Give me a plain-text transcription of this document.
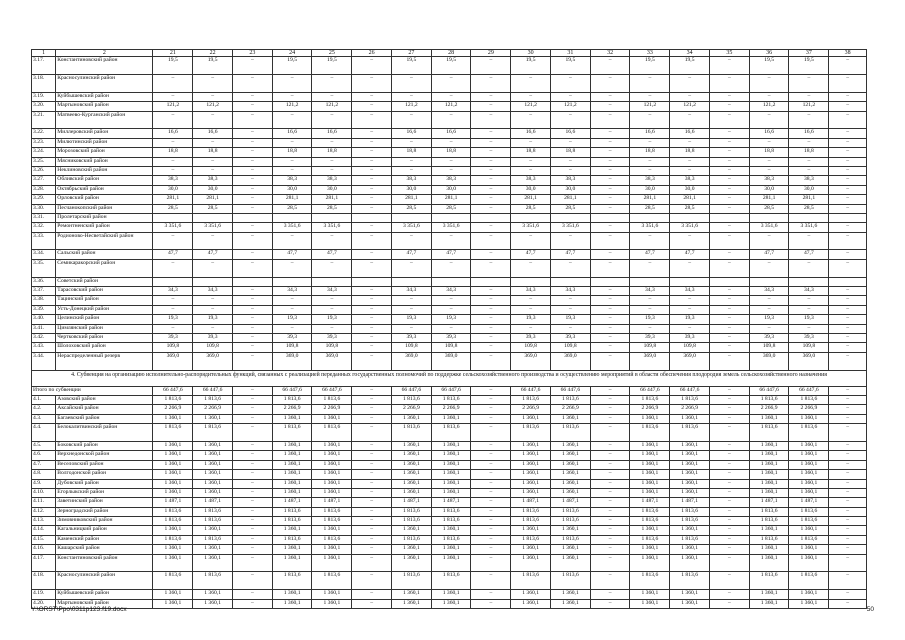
1	2	21	22	23	24	25	26	27	28	29	30	31	32	33	34	35	36	37	38
3.17.	Константиновский район	19,5	19,5	–	19,5	19,5	–	19,5	19,5	–	19,5	19,5	–	19,5	19,5	–	19,5	19,5	–
3.18.	Красносулинский район	–	–	–	–	–	–	–	–	–	–	–	–	–	–	–	–	–	–
3.19.	Куйбышевский район	–	–	–	–	–	–	–	–	–	–	–	–	–	–	–	–	–	–
3.20.	Мартыновский район	121,2	121,2	–	121,2	121,2	–	121,2	121,2	–	121,2	121,2	–	121,2	121,2	–	121,2	121,2	–
3.21.	Матвеево-Курганский район	–	–	–	–	–	–	–	–	–	–	–	–	–	–	–	–	–	–
3.22.	Миллеровский район	16,6	16,6	–	16,6	16,6	–	16,6	16,6	–	16,6	16,6	–	16,6	16,6	–	16,6	16,6	–
3.23.	Милютинский район	–	–	–	–	–	–	–	–	–	–	–	–	–	–	–	–	–	–
3.24.	Морозовский район	18,8	18,8	–	18,8	18,8	–	18,8	18,8	–	18,8	18,8	–	18,8	18,8	–	18,8	18,8	–
3.25.	Мясниковский район	–	–	–	–	–	–	–	–	–	–	–	–	–	–	–	–	–	–
3.26.	Неклиновский район	–	–	–	–	–	–	–	–	–	–	–	–	–	–	–	–	–	–
3.27.	Обливский район	38,3	38,3	–	38,3	38,3	–	38,3	38,3	–	38,3	38,3	–	38,3	38,3	–	38,3	38,3	–
3.28.	Октябрьский район	30,0	30,0	–	30,0	30,0	–	30,0	30,0	–	30,0	30,0	–	30,0	30,0	–	30,0	30,0	–
3.29.	Орловский район	281,1	281,1	–	281,1	281,1	–	281,1	281,1	–	281,1	281,1	–	281,1	281,1	–	281,1	281,1	–
3.30.	Песчанокопский район	28,5	28,5	–	28,5	28,5	–	28,5	28,5	–	28,5	28,5	–	28,5	28,5	–	28,5	28,5	–
3.31.	Пролетарский район																		
3.32.	Ремонтненский район	3 351,6	3 351,6	–	3 351,6	3 351,6	–	3 351,6	3 351,6	–	3 351,6	3 351,6	–	3 351,6	3 351,6	–	3 351,6	3 351,6	–
3.33.	Родионово-Несветайский район	–	–	–	–	–	–	–	–	–	–	–	–	–	–	–	–	–	–
3.34.	Сальский район	47,7	47,7	–	47,7	47,7	–	47,7	47,7	–	47,7	47,7	–	47,7	47,7	–	47,7	47,7	–
3.35.	Семикаракорский район	–	–	–	–	–	–	–	–	–	–	–	–	–	–	–	–	–	–
3.36.	Советский район																		
3.37.	Тарасовский район	34,3	34,3	–	34,3	34,3	–	34,3	34,3	–	34,3	34,3	–	34,3	34,3	–	34,3	34,3	–
3.38.	Тацинский район	–	–	–	–	–	–	–	–	–	–	–	–	–	–	–	–	–	–
3.39.	Усть-Донецкий район	–	–	–	–	–	–	–	–	–	–	–	–	–	–	–	–	–	–
3.40.	Целинский район	19,3	19,3	–	19,3	19,3	–	19,3	19,3	–	19,3	19,3	–	19,3	19,3	–	19,3	19,3	–
3.41.	Цимлянский район	–	–	–	–	–	–	–	–	–	–	–	–	–	–	–	–	–	–
3.42.	Чертковский район	39,3	39,3	–	39,3	39,3	–	39,3	39,3	–	39,3	39,3	–	39,3	39,3	–	39,3	39,3	–
3.43.	Шолоховский район	109,8	109,8	–	109,8	109,8	–	109,8	109,8	–	109,8	109,8	–	109,8	109,8	–	109,8	109,8	–
3.44.	Нераспределенный резерв	369,0	369,0	–	369,0	369,0	–	369,0	369,0	–	369,0	369,0	–	369,0	369,0	–	369,0	369,0	–
4. Субвенция на организацию исполнительно-распорядительных функций, связанных с реализацией переданных государственных полномочий по поддержке сельскохозяйственного производства и осуществлению мероприятий в области обеспечения плодородия земель сельскохозяйственного назначения																			
Итого по субвенции		66 447,6	66 447,6	–	66 447,6	66 447,6	–	66 447,6	66 447,6	–	66 447,6	66 447,6	–	66 447,6	66 447,6	–	66 447,6	66 447,6	–
4.1.	Азовский район	1 813,6	1 813,6	–	1 813,6	1 813,6	–	1 813,6	1 813,6	–	1 813,6	1 813,6	–	1 813,6	1 813,6	–	1 813,6	1 813,6	–
4.2.	Аксайский район	2 266,9	2 266,9	–	2 266,9	2 266,9	–	2 266,9	2 266,9	–	2 266,9	2 266,9	–	2 266,9	2 266,9	–	2 266,9	2 266,9	–
4.3.	Багаевский район	1 360,1	1 360,1	–	1 360,1	1 360,1	–	1 360,1	1 360,1	–	1 360,1	1 360,1	–	1 360,1	1 360,1	–	1 360,1	1 360,1	–
4.4.	Белокалитвинский район	1 813,6	1 813,6	–	1 813,6	1 813,6	–	1 813,6	1 813,6	–	1 813,6	1 813,6	–	1 813,6	1 813,6	–	1 813,6	1 813,6	–
4.5.	Боковский район	1 360,1	1 360,1	–	1 360,1	1 360,1	–	1 360,1	1 360,1	–	1 360,1	1 360,1	–	1 360,1	1 360,1	–	1 360,1	1 360,1	–
4.6.	Верхнедонской район	1 360,1	1 360,1	–	1 360,1	1 360,1	–	1 360,1	1 360,1	–	1 360,1	1 360,1	–	1 360,1	1 360,1	–	1 360,1	1 360,1	–
4.7.	Веселовский район	1 360,1	1 360,1	–	1 360,1	1 360,1	–	1 360,1	1 360,1	–	1 360,1	1 360,1	–	1 360,1	1 360,1	–	1 360,1	1 360,1	–
4.8.	Волгодонской район	1 360,1	1 360,1	–	1 360,1	1 360,1	–	1 360,1	1 360,1	–	1 360,1	1 360,1	–	1 360,1	1 360,1	–	1 360,1	1 360,1	–
4.9.	Дубовский район	1 360,1	1 360,1	–	1 360,1	1 360,1	–	1 360,1	1 360,1	–	1 360,1	1 360,1	–	1 360,1	1 360,1	–	1 360,1	1 360,1	–
4.10.	Егорлыкский район	1 360,1	1 360,1	–	1 360,1	1 360,1	–	1 360,1	1 360,1	–	1 360,1	1 360,1	–	1 360,1	1 360,1	–	1 360,1	1 360,1	–
4.11.	Заветинский район	1 487,1	1 487,1	–	1 487,1	1 487,1	–	1 487,1	1 487,1	–	1 487,1	1 487,1	–	1 487,1	1 487,1	–	1 487,1	1 487,1	–
4.12.	Зерноградский район	1 813,6	1 813,6	–	1 813,6	1 813,6	–	1 813,6	1 813,6	–	1 813,6	1 813,6	–	1 813,6	1 813,6	–	1 813,6	1 813,6	–
4.13.	Зимовниковский район	1 813,6	1 813,6	–	1 813,6	1 813,6	–	1 813,6	1 813,6	–	1 813,6	1 813,6	–	1 813,6	1 813,6	–	1 813,6	1 813,6	–
4.14.	Кагальницкий район	1 360,1	1 360,1	–	1 360,1	1 360,1	–	1 360,1	1 360,1	–	1 360,1	1 360,1	–	1 360,1	1 360,1	–	1 360,1	1 360,1	–
4.15.	Каменский район	1 813,6	1 813,6	–	1 813,6	1 813,6	–	1 813,6	1 813,6	–	1 813,6	1 813,6	–	1 813,6	1 813,6	–	1 813,6	1 813,6	–
4.16.	Кашарский район	1 360,1	1 360,1	–	1 360,1	1 360,1	–	1 360,1	1 360,1	–	1 360,1	1 360,1	–	1 360,1	1 360,1	–	1 360,1	1 360,1	–
4.17.	Константиновский район	1 360,1	1 360,1	–	1 360,1	1 360,1	–	1 360,1	1 360,1	–	1 360,1	1 360,1	–	1 360,1	1 360,1	–	1 360,1	1 360,1	–
4.18.	Красносулинский район	1 813,6	1 813,6	–	1 813,6	1 813,6	–	1 813,6	1 813,6	–	1 813,6	1 813,6	–	1 813,6	1 813,6	–	1 813,6	1 813,6	–
4.19.	Куйбышевский район	1 360,1	1 360,1	–	1 360,1	1 360,1	–	1 360,1	1 360,1	–	1 360,1	1 360,1	–	1 360,1	1 360,1	–	1 360,1	1 360,1	–
4.20.	Мартыновский район	1 360,1	1 360,1	–	1 360,1	1 360,1	–	1 360,1	1 360,1	–	1 360,1	1 360,1	–	1 360,1	1 360,1	–	1 360,1	1 360,1	–
Y:\ORST\Ppo\0311p123.f19.docx	50
